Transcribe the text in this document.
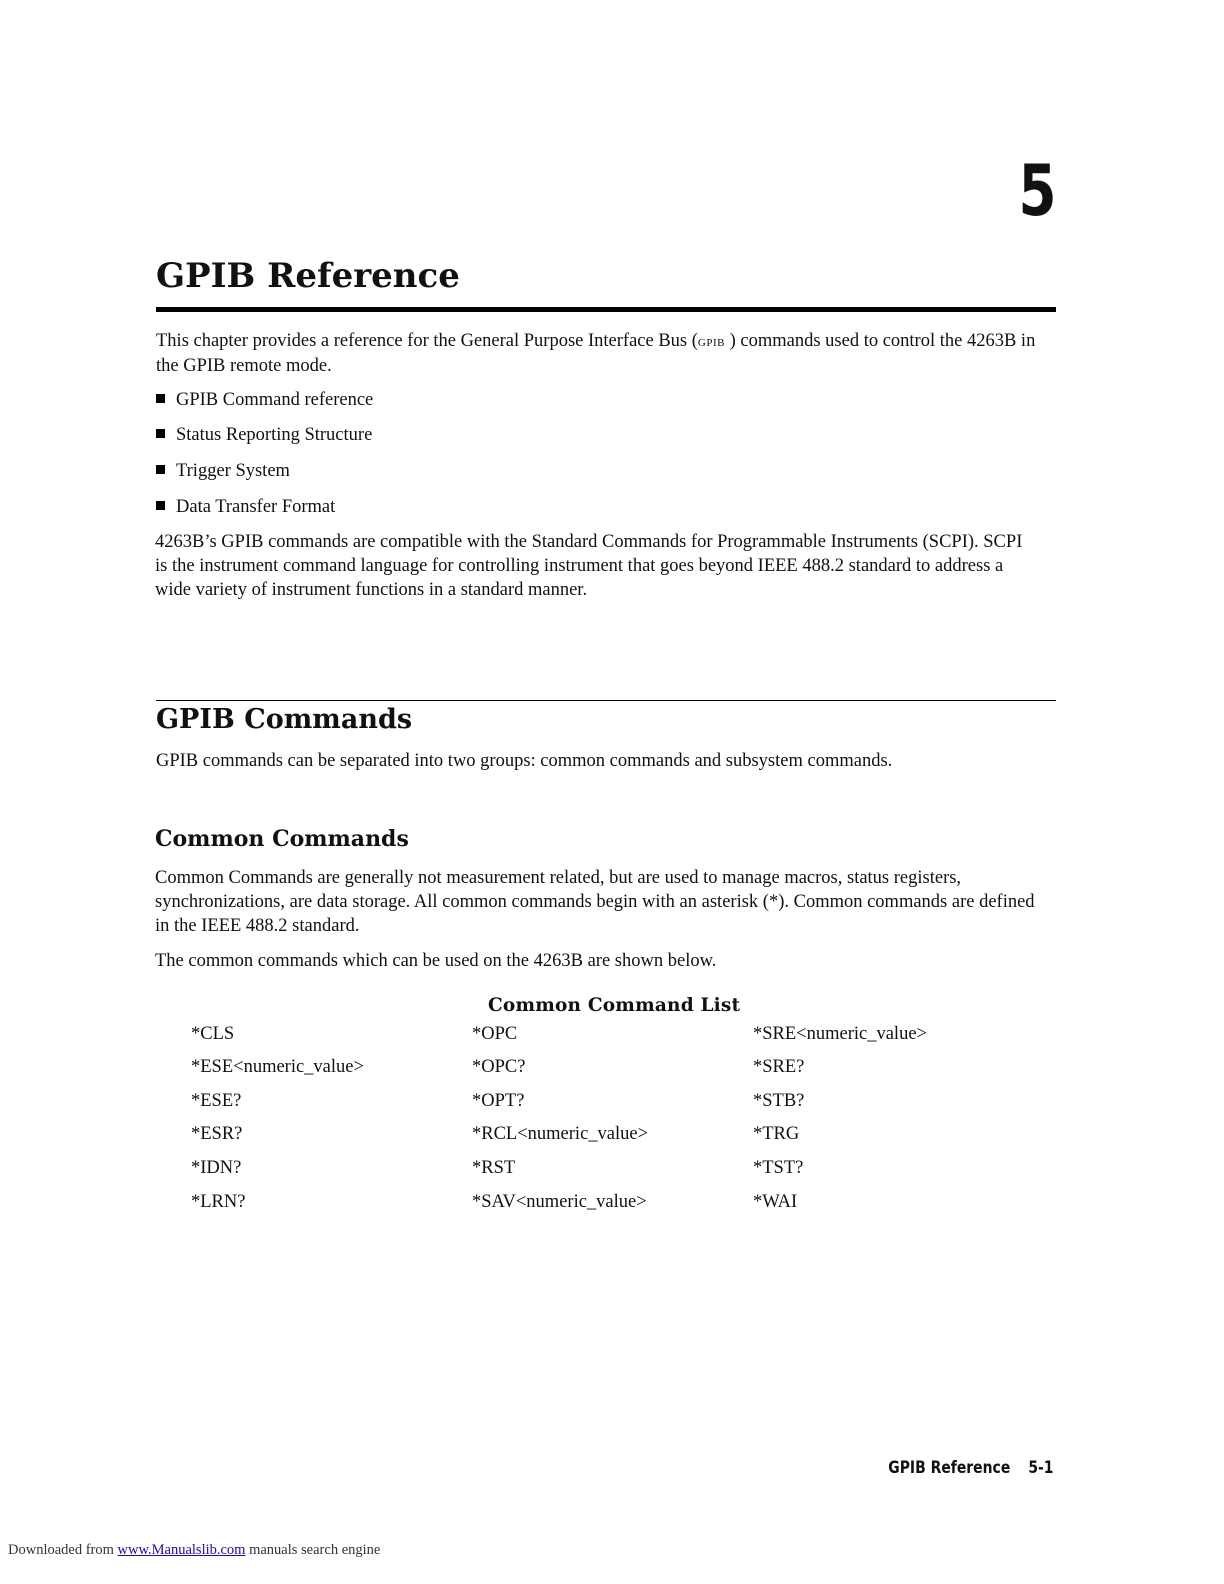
5
GPIB Reference

This chapter provides a reference for the General Purpose Interface Bus (gpib ) commands used to control the 4263B in the GPIB remote mode.

GPIB Command reference
Status Reporting Structure
Trigger System
Data Transfer Format

4263B’s GPIB commands are compatible with the Standard Commands for Programmable Instruments (SCPI). SCPI is the instrument command language for controlling instrument that goes beyond IEEE 488.2 standard to address a wide variety of instrument functions in a standard manner.

GPIB Commands

GPIB commands can be separated into two groups: common commands and subsystem commands.

Common Commands

Common Commands are generally not measurement related, but are used to manage macros, status registers, synchronizations, are data storage. All common commands begin with an asterisk (*). Common commands are defined in the IEEE 488.2 standard.

The common commands which can be used on the 4263B are shown below.

Common Command List
*CLS
*ESE<numeric_value>
*ESE?
*ESR?
*IDN?
*LRN?
*OPC
*OPC?
*OPT?
*RCL<numeric_value>
*RST
*SAV<numeric_value>
*SRE<numeric_value>
*SRE?
*STB?
*TRG
*TST?
*WAI
GPIB Reference 5-1
Downloaded from www.Manualslib.com manuals search engine
